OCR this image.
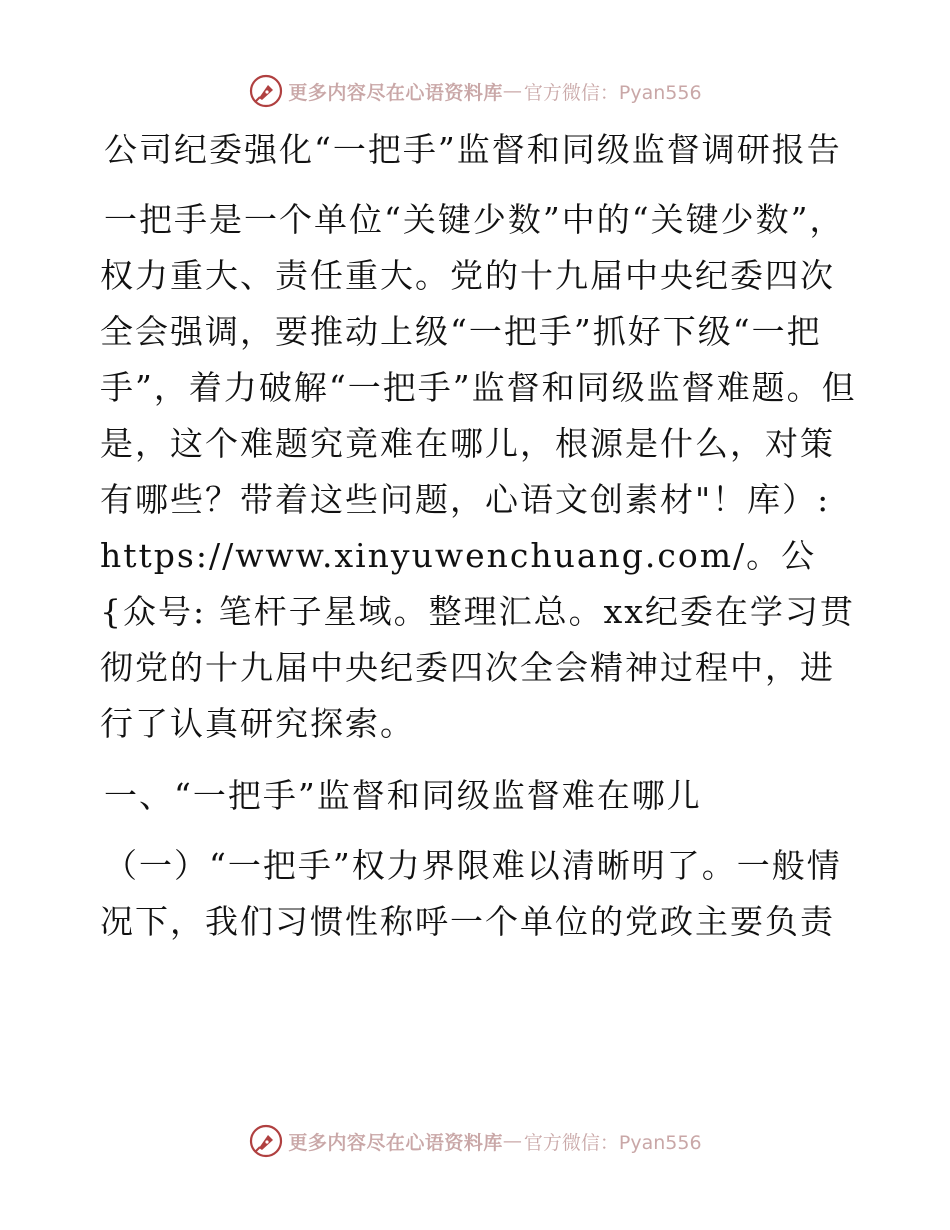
更多内容尽在心语资料库 — 官方微信：Pyan556
公司纪委强化“一把手”监督和同级监督调研报告

一把手是一个单位“关键少数”中的“关键少数”，权力重大、责任重大。党的十九届中央纪委四次全会强调，要推动上级“一把手”抓好下级“一把手”，着力破解“一把手”监督和同级监督难题。但是，这个难题究竟难在哪儿，根源是什么，对策有哪些？带着这些问题，心语文创素材"！库）: https://www.xinyuwenchuang.com/。公{众号: 笔杆子星域。整理汇总。xx纪委在学习贯彻党的十九届中央纪委四次全会精神过程中，进行了认真研究探索。

一、“一把手”监督和同级监督难在哪儿

（一）“一把手”权力界限难以清晰明了。一般情况下，我们习惯性称呼一个单位的党政主要负责

更多内容尽在心语资料库 — 官方微信：Pyan556
